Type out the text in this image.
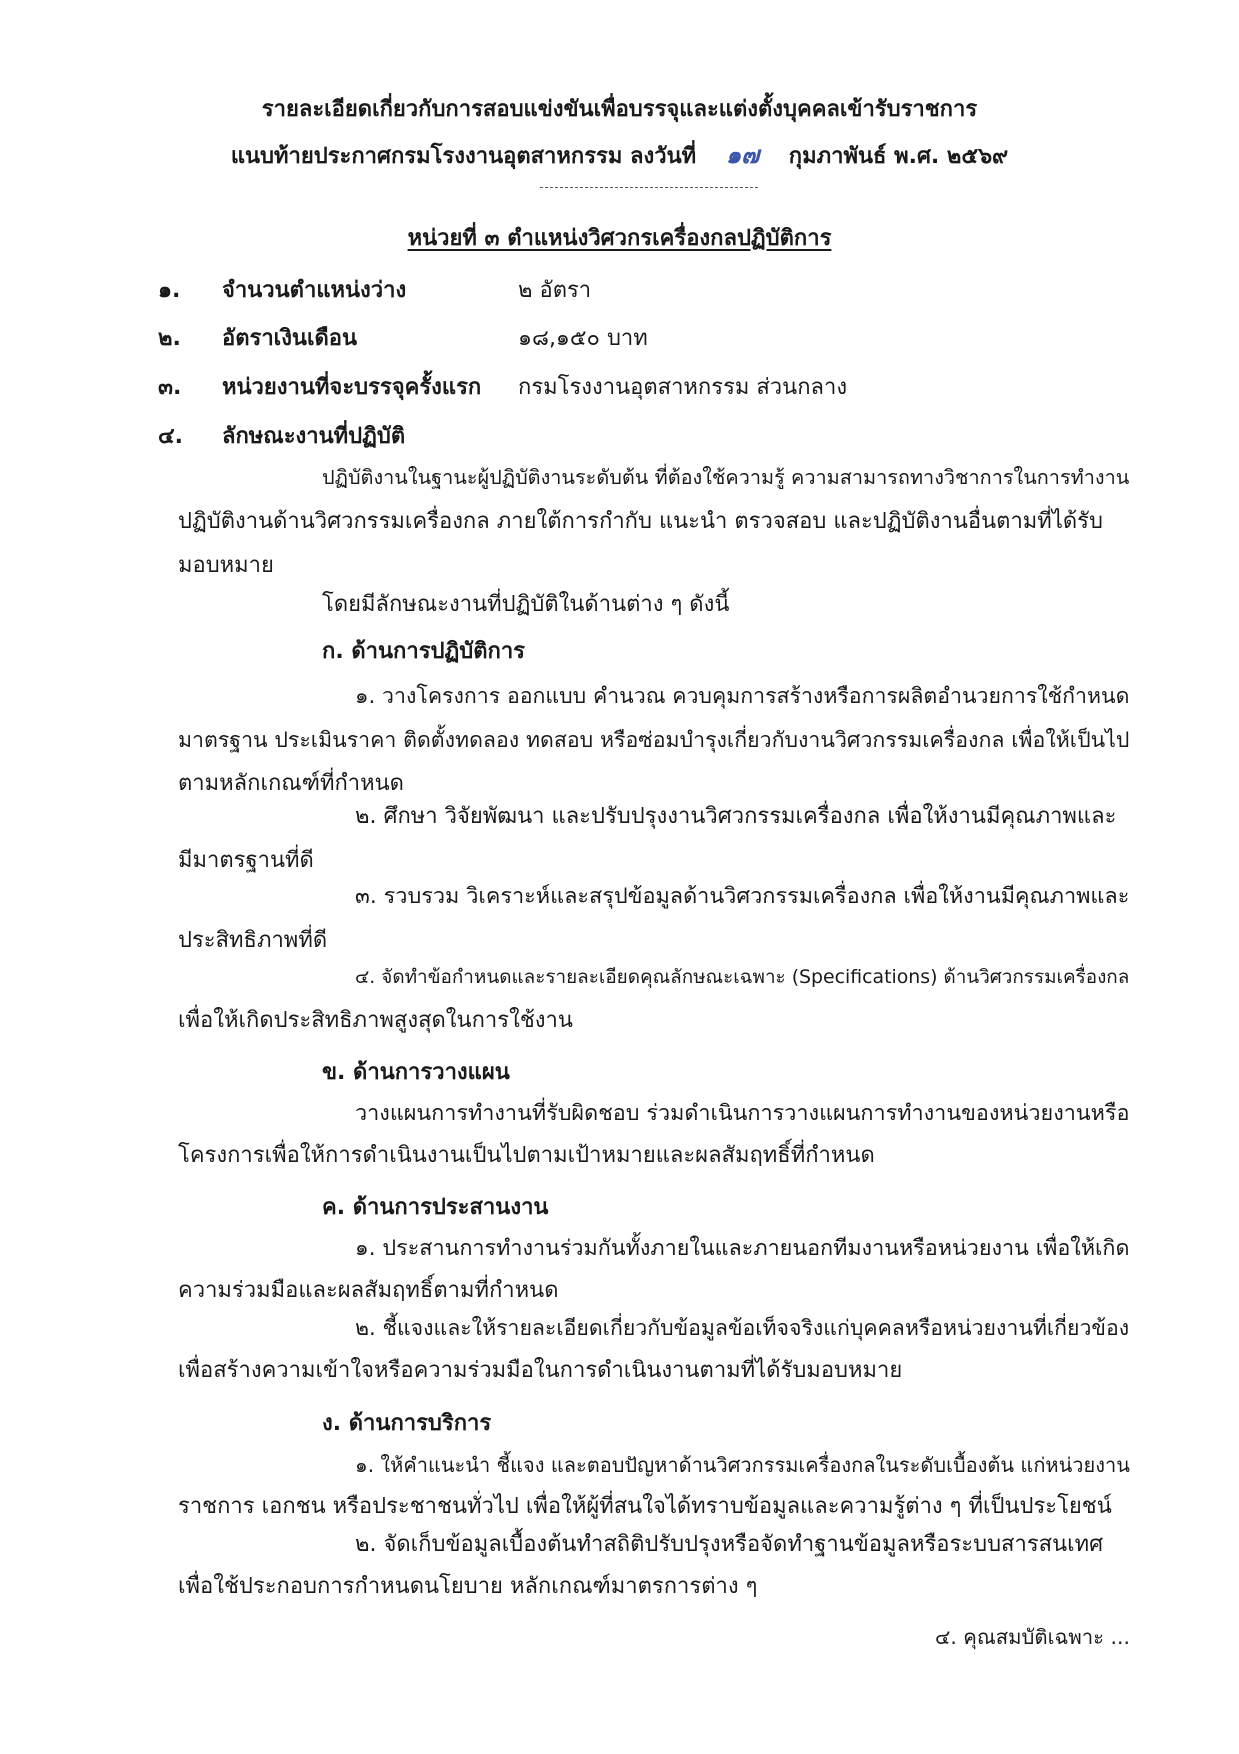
รายละเอียดเกี่ยวกับการสอบแข่งขันเพื่อบรรจุและแต่งตั้งบุคคลเข้ารับราชการ
แนบท้ายประกาศกรมโรงงานอุตสาหกรรม ลงวันที่ ๑๗ กุมภาพันธ์ พ.ศ. ๒๕๖๙
หน่วยที่ ๓ ตำแหน่งวิศวกรเครื่องกลปฏิบัติการ
๑. จำนวนตำแหน่งว่าง	๒ อัตรา
๒. อัตราเงินเดือน	๑๘,๑๕๐ บาท
๓. หน่วยงานที่จะบรรจุครั้งแรก กรมโรงงานอุตสาหกรรม ส่วนกลาง
๔. ลักษณะงานที่ปฏิบัติ
ปฏิบัติงานในฐานะผู้ปฏิบัติงานระดับต้น ที่ต้องใช้ความรู้ ความสามารถทางวิชาการในการทำงาน
ปฏิบัติงานด้านวิศวกรรมเครื่องกล ภายใต้การกำกับ แนะนำ ตรวจสอบ และปฏิบัติงานอื่นตามที่ได้รับ
มอบหมาย
โดยมีลักษณะงานที่ปฏิบัติในด้านต่าง ๆ ดังนี้
ก. ด้านการปฏิบัติการ
๑. วางโครงการ ออกแบบ คำนวณ ควบคุมการสร้างหรือการผลิตอำนวยการใช้กำหนด
มาตรฐาน ประเมินราคา ติดตั้งทดลอง ทดสอบ หรือซ่อมบำรุงเกี่ยวกับงานวิศวกรรมเครื่องกล เพื่อให้เป็นไป
ตามหลักเกณฑ์ที่กำหนด
๒. ศึกษา วิจัยพัฒนา และปรับปรุงงานวิศวกรรมเครื่องกล เพื่อให้งานมีคุณภาพและ
มีมาตรฐานที่ดี
๓. รวบรวม วิเคราะห์และสรุปข้อมูลด้านวิศวกรรมเครื่องกล เพื่อให้งานมีคุณภาพและ
ประสิทธิภาพที่ดี
๔. จัดทำข้อกำหนดและรายละเอียดคุณลักษณะเฉพาะ (Specifications) ด้านวิศวกรรมเครื่องกล
เพื่อให้เกิดประสิทธิภาพสูงสุดในการใช้งาน
ข. ด้านการวางแผน
วางแผนการทำงานที่รับผิดชอบ ร่วมดำเนินการวางแผนการทำงานของหน่วยงานหรือ
โครงการเพื่อให้การดำเนินงานเป็นไปตามเป้าหมายและผลสัมฤทธิ์ที่กำหนด
ค. ด้านการประสานงาน
๑. ประสานการทำงานร่วมกันทั้งภายในและภายนอกทีมงานหรือหน่วยงาน เพื่อให้เกิด
ความร่วมมือและผลสัมฤทธิ์ตามที่กำหนด
๒. ชี้แจงและให้รายละเอียดเกี่ยวกับข้อมูลข้อเท็จจริงแก่บุคคลหรือหน่วยงานที่เกี่ยวข้อง
เพื่อสร้างความเข้าใจหรือความร่วมมือในการดำเนินงานตามที่ได้รับมอบหมาย
ง. ด้านการบริการ
๑. ให้คำแนะนำ ชี้แจง และตอบปัญหาด้านวิศวกรรมเครื่องกลในระดับเบื้องต้น แก่หน่วยงาน
ราชการ เอกชน หรือประชาชนทั่วไป เพื่อให้ผู้ที่สนใจได้ทราบข้อมูลและความรู้ต่าง ๆ ที่เป็นประโยชน์
๒. จัดเก็บข้อมูลเบื้องต้นทำสถิติปรับปรุงหรือจัดทำฐานข้อมูลหรือระบบสารสนเทศ
เพื่อใช้ประกอบการกำหนดนโยบาย หลักเกณฑ์มาตรการต่าง ๆ
๔. คุณสมบัติเฉพาะ ...
